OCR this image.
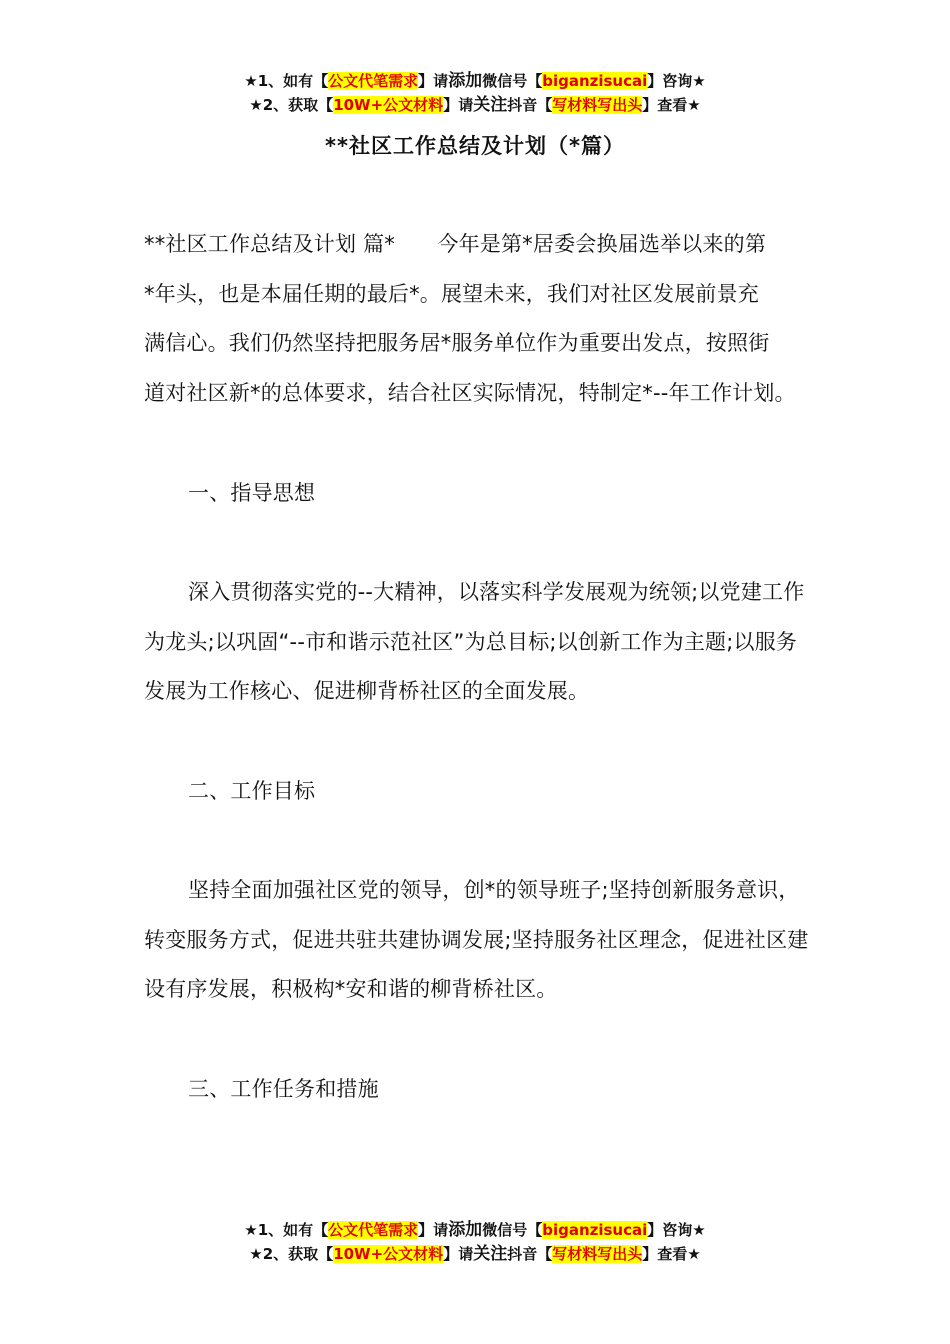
★1、如有【公文代笔需求】请添加微信号【biganzisucai】咨询★
★2、获取【10W+公文材料】请关注抖音【写材料写出头】查看★
**社区工作总结及计划（*篇）
**社区工作总结及计划 篇*　　今年是第*居委会换届选举以来的第
*年头，也是本届任期的最后*。展望未来，我们对社区发展前景充
满信心。我们仍然坚持把服务居*服务单位作为重要出发点，按照街
道对社区新*的总体要求，结合社区实际情况，特制定*--年工作计划。
一、指导思想
深入贯彻落实党的--大精神，以落实科学发展观为统领;以党建工作为龙头;以巩固“--市和谐示范社区”为总目标;以创新工作为主题;以服务发展为工作核心、促进柳背桥社区的全面发展。
二、工作目标
坚持全面加强社区党的领导，创*的领导班子;坚持创新服务意识，转变服务方式，促进共驻共建协调发展;坚持服务社区理念，促进社区建设有序发展，积极构*安和谐的柳背桥社区。
三、工作任务和措施
★1、如有【公文代笔需求】请添加微信号【biganzisucai】咨询★
★2、获取【10W+公文材料】请关注抖音【写材料写出头】查看★
